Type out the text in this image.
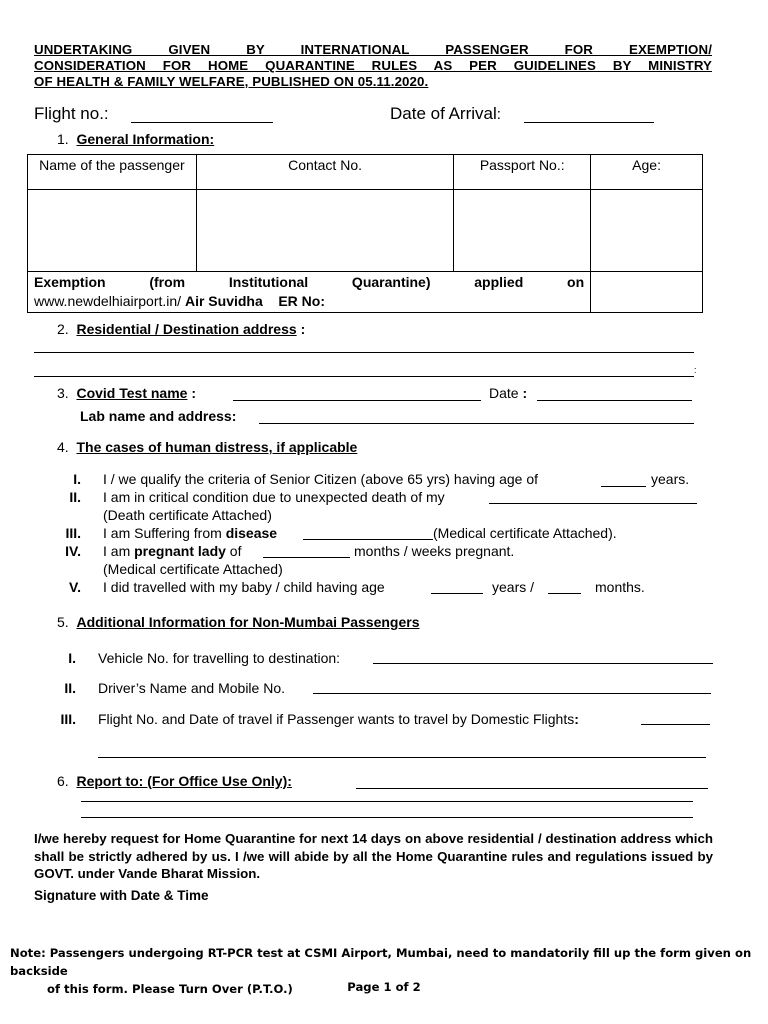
UNDERTAKING GIVEN BY INTERNATIONAL PASSENGER FOR EXEMPTION/
CONSIDERATION FOR HOME QUARANTINE RULES AS PER GUIDELINES BY MINISTRY
OF HEALTH & FAMILY WELFARE, PUBLISHED ON 05.11.2020.
Flight no.:	Date of Arrival:
1. General Information:
Name of the passenger	Contact No.	Passport No.:	Age:

Exemption (from Institutional Quarantine) applied on
www.newdelhiairport.in/ Air Suvidha    ER No:			

2. Residential / Destination address :
:
3. Covid Test name :	Date :
Lab name and address:
4. The cases of human distress, if applicable
I. I / we qualify the criteria of Senior Citizen (above 65 yrs) having age of	years.
II. I am in critical condition due to unexpected death of my
(Death certificate Attached)
III. I am Suffering from disease	(Medical certificate Attached).
IV. I am pregnant lady of	months / weeks pregnant.
(Medical certificate Attached)
V. I did travelled with my baby / child having age	years /	months.
5. Additional Information for Non-Mumbai Passengers
I. Vehicle No. for travelling to destination:
II. Driver’s Name and Mobile No.
III. Flight No. and Date of travel if Passenger wants to travel by Domestic Flights:
6. Report to: (For Office Use Only):
I/we hereby request for Home Quarantine for next 14 days on above residential / destination address which shall be strictly adhered by us. I /we will abide by all the Home Quarantine rules and regulations issued by GOVT. under Vande Bharat Mission.
Signature with Date & Time
Note: Passengers undergoing RT-PCR test at CSMI Airport, Mumbai, need to mandatorily fill up the form given on backside
of this form. Please Turn Over (P.T.O.)	Page 1 of 2
